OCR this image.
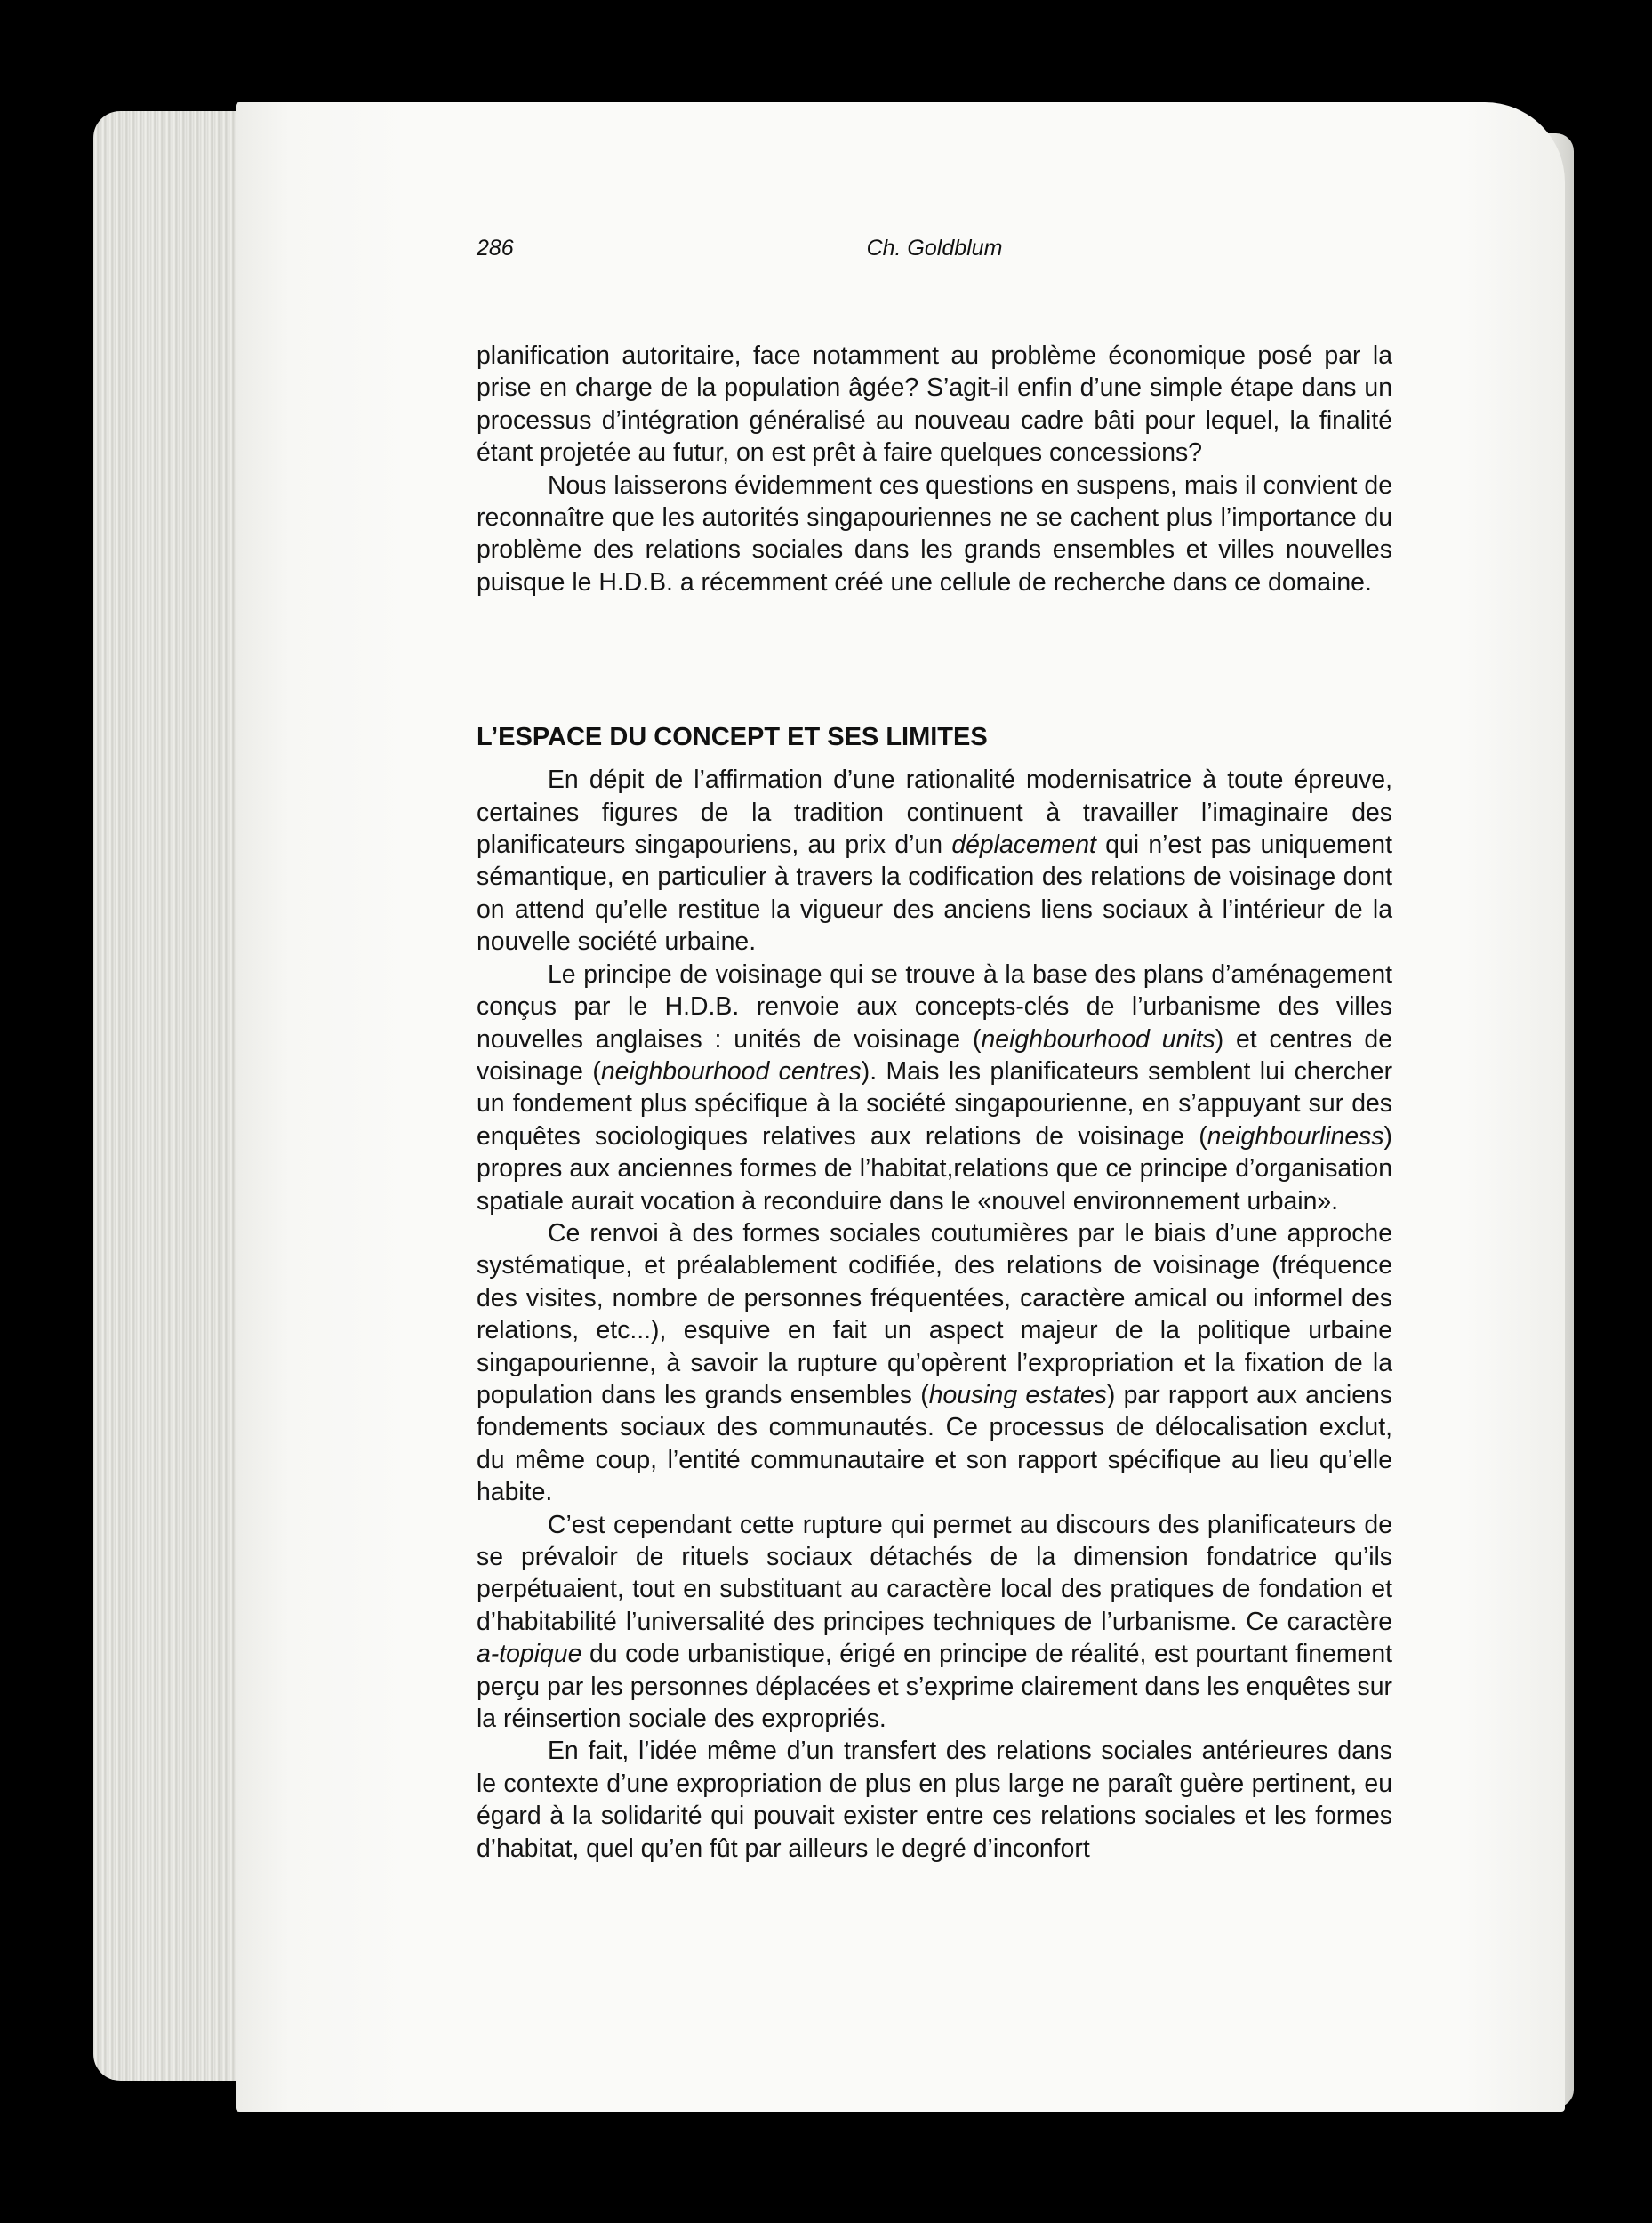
286	Ch. Goldblum

planification autoritaire, face notamment au problème économique posé par la prise en charge de la population âgée? S’agit-il enfin d’une simple étape dans un processus d’intégration généralisé au nouveau cadre bâti pour lequel, la finalité étant projetée au futur, on est prêt à faire quelques concessions?

Nous laisserons évidemment ces questions en suspens, mais il convient de reconnaître que les autorités singapouriennes ne se cachent plus l’importance du problème des relations sociales dans les grands ensembles et villes nouvelles puisque le H.D.B. a récemment créé une cellule de recherche dans ce domaine.

L’ESPACE DU CONCEPT ET SES LIMITES

En dépit de l’affirmation d’une rationalité modernisatrice à toute épreuve, certaines figures de la tradition continuent à travailler l’imaginaire des planificateurs singapouriens, au prix d’un déplacement qui n’est pas uniquement sémantique, en particulier à travers la codification des relations de voisinage dont on attend qu’elle restitue la vigueur des anciens liens sociaux à l’intérieur de la nouvelle société urbaine.

Le principe de voisinage qui se trouve à la base des plans d’aménagement conçus par le H.D.B. renvoie aux concepts-clés de l’urbanisme des villes nouvelles anglaises : unités de voisinage (neighbourhood units) et centres de voisinage (neighbourhood centres). Mais les planificateurs semblent lui chercher un fondement plus spécifique à la société singapourienne, en s’appuyant sur des enquêtes sociologiques relatives aux relations de voisinage (neighbourliness) propres aux anciennes formes de l’habitat,relations que ce principe d’organisation spatiale aurait vocation à reconduire dans le «nouvel environnement urbain».

Ce renvoi à des formes sociales coutumières par le biais d’une approche systématique, et préalablement codifiée, des relations de voisinage (fréquence des visites, nombre de personnes fréquentées, caractère amical ou informel des relations, etc...), esquive en fait un aspect majeur de la politique urbaine singapourienne, à savoir la rupture qu’opèrent l’expropriation et la fixation de la population dans les grands ensembles (housing estates) par rapport aux anciens fondements sociaux des communautés. Ce processus de délocalisation exclut, du même coup, l’entité communautaire et son rapport spécifique au lieu qu’elle habite.

C’est cependant cette rupture qui permet au discours des planificateurs de se prévaloir de rituels sociaux détachés de la dimension fondatrice qu’ils perpétuaient, tout en substituant au caractère local des pratiques de fondation et d’habitabilité l’universalité des principes techniques de l’urbanisme. Ce caractère a-topique du code urbanistique, érigé en principe de réalité, est pourtant finement perçu par les personnes déplacées et s’exprime clairement dans les enquêtes sur la réinsertion sociale des expropriés.

En fait, l’idée même d’un transfert des relations sociales antérieures dans le contexte d’une expropriation de plus en plus large ne paraît guère pertinent, eu égard à la solidarité qui pouvait exister entre ces relations sociales et les formes d’habitat, quel qu’en fût par ailleurs le degré d’inconfort
